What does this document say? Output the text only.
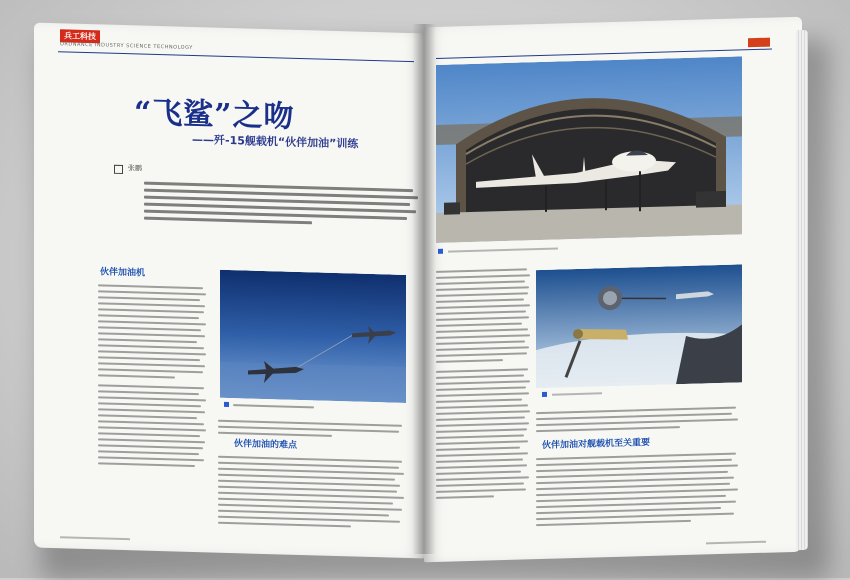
兵工科技
ORDNANCE INDUSTRY SCIENCE TECHNOLOGY
“飞鲨”之吻
——歼-15舰载机“伙伴加油”训练
张鹏
伙伴加油机
伙伴加油的难点
	伙伴加油对舰载机至关重要
